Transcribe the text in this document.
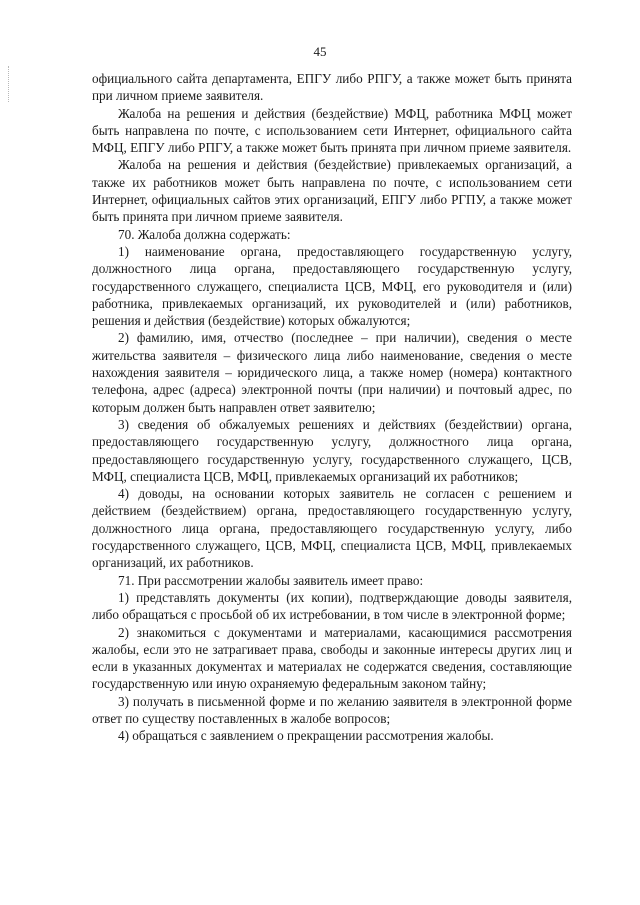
45

официального сайта департамента, ЕПГУ либо РПГУ, а также может быть принята при личном приеме заявителя.

Жалоба на решения и действия (бездействие) МФЦ, работника МФЦ может быть направлена по почте, с использованием сети Интернет, официального сайта МФЦ, ЕПГУ либо РПГУ, а также может быть принята при личном приеме заявителя.

Жалоба на решения и действия (бездействие) привлекаемых организаций, а также их работников может быть направлена по почте, с использованием сети Интернет, официальных сайтов этих организаций, ЕПГУ либо РГПУ, а также может быть принята при личном приеме заявителя.

70. Жалоба должна содержать:

1) наименование органа, предоставляющего государственную услугу, должностного лица органа, предоставляющего государственную услугу, государственного служащего, специалиста ЦСВ, МФЦ, его руководителя и (или) работника, привлекаемых организаций, их руководителей и (или) работников, решения и действия (бездействие) которых обжалуются;

2) фамилию, имя, отчество (последнее – при наличии), сведения о месте жительства заявителя – физического лица либо наименование, сведения о месте нахождения заявителя – юридического лица, а также номер (номера) контактного телефона, адрес (адреса) электронной почты (при наличии) и почтовый адрес, по которым должен быть направлен ответ заявителю;

3) сведения об обжалуемых решениях и действиях (бездействии) органа, предоставляющего государственную услугу, должностного лица органа, предоставляющего государственную услугу, государственного служащего, ЦСВ, МФЦ, специалиста ЦСВ, МФЦ, привлекаемых организаций их работников;

4) доводы, на основании которых заявитель не согласен с решением и действием (бездействием) органа, предоставляющего государственную услугу, должностного лица органа, предоставляющего государственную услугу, либо государственного служащего, ЦСВ, МФЦ, специалиста ЦСВ, МФЦ, привлекаемых организаций, их работников.

71. При рассмотрении жалобы заявитель имеет право:

1) представлять документы (их копии), подтверждающие доводы заявителя, либо обращаться с просьбой об их истребовании, в том числе в электронной форме;

2) знакомиться с документами и материалами, касающимися рассмотрения жалобы, если это не затрагивает права, свободы и законные интересы других лиц и если в указанных документах и материалах не содержатся сведения, составляющие государственную или иную охраняемую федеральным законом тайну;

3) получать в письменной форме и по желанию заявителя в электронной форме ответ по существу поставленных в жалобе вопросов;

4) обращаться с заявлением о прекращении рассмотрения жалобы.
